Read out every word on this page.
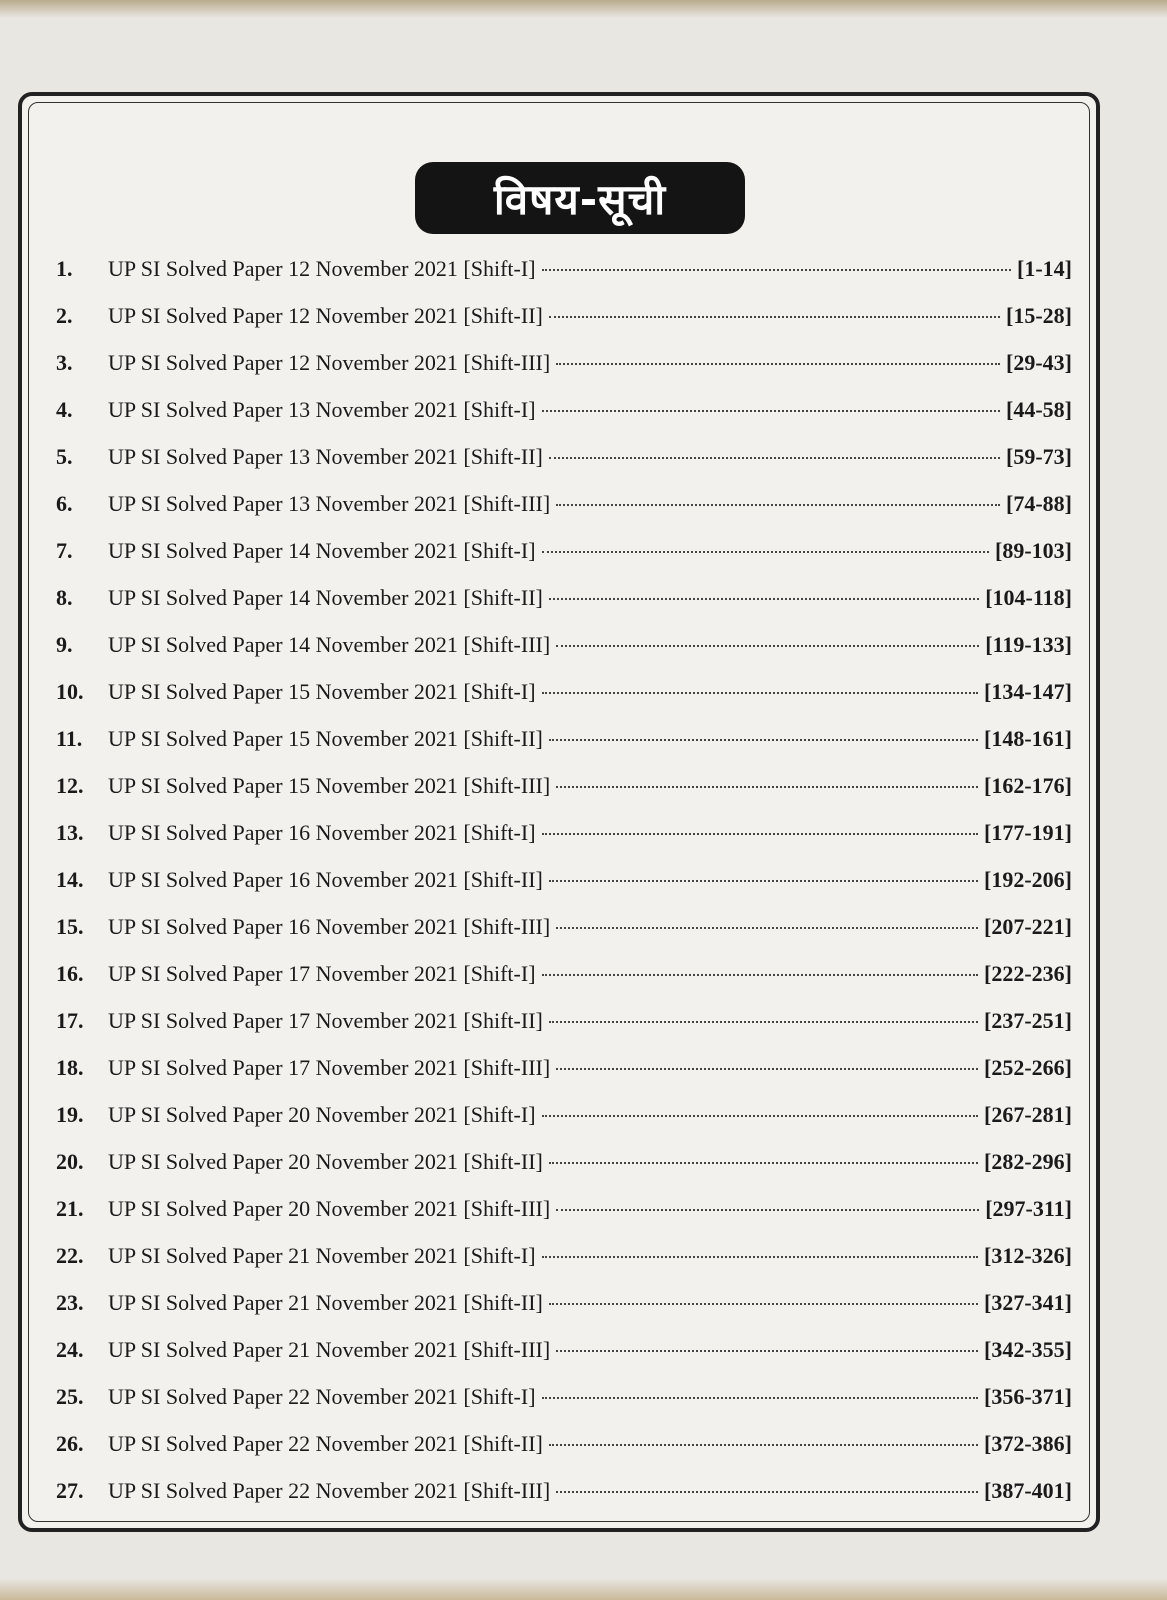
विषय-सूची
1.	UP SI Solved Paper 12 November 2021 [Shift-I]	[1-14]
2.	UP SI Solved Paper 12 November 2021 [Shift-II]	[15-28]
3.	UP SI Solved Paper 12 November 2021 [Shift-III]	[29-43]
4.	UP SI Solved Paper 13 November 2021 [Shift-I]	[44-58]
5.	UP SI Solved Paper 13 November 2021 [Shift-II]	[59-73]
6.	UP SI Solved Paper 13 November 2021 [Shift-III]	[74-88]
7.	UP SI Solved Paper 14 November 2021 [Shift-I]	[89-103]
8.	UP SI Solved Paper 14 November 2021 [Shift-II]	[104-118]
9.	UP SI Solved Paper 14 November 2021 [Shift-III]	[119-133]
10.	UP SI Solved Paper 15 November 2021 [Shift-I]	[134-147]
11.	UP SI Solved Paper 15 November 2021 [Shift-II]	[148-161]
12.	UP SI Solved Paper 15 November 2021 [Shift-III]	[162-176]
13.	UP SI Solved Paper 16 November 2021 [Shift-I]	[177-191]
14.	UP SI Solved Paper 16 November 2021 [Shift-II]	[192-206]
15.	UP SI Solved Paper 16 November 2021 [Shift-III]	[207-221]
16.	UP SI Solved Paper 17 November 2021 [Shift-I]	[222-236]
17.	UP SI Solved Paper 17 November 2021 [Shift-II]	[237-251]
18.	UP SI Solved Paper 17 November 2021 [Shift-III]	[252-266]
19.	UP SI Solved Paper 20 November 2021 [Shift-I]	[267-281]
20.	UP SI Solved Paper 20 November 2021 [Shift-II]	[282-296]
21.	UP SI Solved Paper 20 November 2021 [Shift-III]	[297-311]
22.	UP SI Solved Paper 21 November 2021 [Shift-I]	[312-326]
23.	UP SI Solved Paper 21 November 2021 [Shift-II]	[327-341]
24.	UP SI Solved Paper 21 November 2021 [Shift-III]	[342-355]
25.	UP SI Solved Paper 22 November 2021 [Shift-I]	[356-371]
26.	UP SI Solved Paper 22 November 2021 [Shift-II]	[372-386]
27.	UP SI Solved Paper 22 November 2021 [Shift-III]	[387-401]
